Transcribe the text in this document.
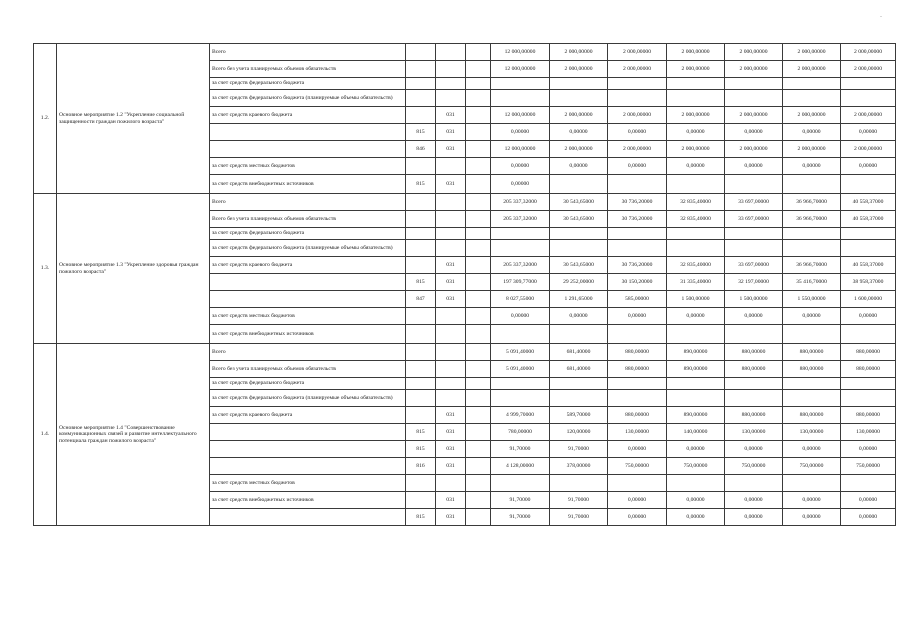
-
1.2.	Основное мероприятие 1.2 "Укрепление социальной защищенности граждан пожилого возраста"	Всего				12 000,00000	2 000,00000	2 000,00000	2 000,00000	2 000,00000	2 000,00000	2 000,00000
		Всего без учета планируемых объемов обязательств				12 000,00000	2 000,00000	2 000,00000	2 000,00000	2 000,00000	2 000,00000	2 000,00000
		за счет средств федерального бюджета										
		за счет средств федерального бюджета (планируемые объемы обязательств)										
		за счет средств краевого бюджета		031		12 000,00000	2 000,00000	2 000,00000	2 000,00000	2 000,00000	2 000,00000	2 000,00000
			815	031		0,00000	0,00000	0,00000	0,00000	0,00000	0,00000	0,00000
			846	031		12 000,00000	2 000,00000	2 000,00000	2 000,00000	2 000,00000	2 000,00000	2 000,00000
		за счет средств местных бюджетов				0,00000	0,00000	0,00000	0,00000	0,00000	0,00000	0,00000
		за счет средств внебюджетных источников	815	031		0,00000						
1.3.	Основное мероприятие 1.3 "Укрепление здоровья граждан пожилого возраста"	Всего				205 337,32000	30 543,65000	30 736,20000	32 835,40000	33 697,00000	36 966,70000	40 558,37000
		Всего без учета планируемых объемов обязательств				205 337,32000	30 543,65000	30 736,20000	32 835,40000	33 697,00000	36 966,70000	40 558,37000
		за счет средств федерального бюджета										
		за счет средств федерального бюджета (планируемые объемы обязательств)										
		за счет средств краевого бюджета		031		205 337,32000	30 543,65000	30 736,20000	32 835,40000	33 697,00000	36 966,70000	40 558,37000
			815	031		197 309,77000	29 252,00000	30 150,20000	31 335,40000	32 197,00000	35 416,70000	38 958,37000
			847	031		8 027,55000	1 291,65000	585,00000	1 500,00000	1 500,00000	1 550,00000	1 600,00000
		за счет средств местных бюджетов				0,00000	0,00000	0,00000	0,00000	0,00000	0,00000	0,00000
		за счет средств внебюджетных источников										
1.4.	Основное мероприятие 1.4 "Совершенствование коммуникационных связей и развитие интеллектуального потенциала граждан пожилого возраста"	Всего				5 091,40000	681,40000	880,00000	890,00000	880,00000	880,00000	880,00000
		Всего без учета планируемых объемов обязательств				5 091,40000	681,40000	880,00000	890,00000	880,00000	880,00000	880,00000
		за счет средств федерального бюджета										
		за счет средств федерального бюджета (планируемые объемы обязательств)										
		за счет средств краевого бюджета		031		4 999,70000	589,70000	880,00000	890,00000	880,00000	880,00000	880,00000
			815	031		780,00000	120,00000	130,00000	140,00000	130,00000	130,00000	130,00000
			815	031		91,70000	91,70000	0,00000	0,00000	0,00000	0,00000	0,00000
			816	031		4 128,00000	378,00000	750,00000	750,00000	750,00000	750,00000	750,00000
		за счет средств местных бюджетов										
		за счет средств внебюджетных источников		031		91,70000	91,70000	0,00000	0,00000	0,00000	0,00000	0,00000
			815	031		91,70000	91,70000	0,00000	0,00000	0,00000	0,00000	0,00000
